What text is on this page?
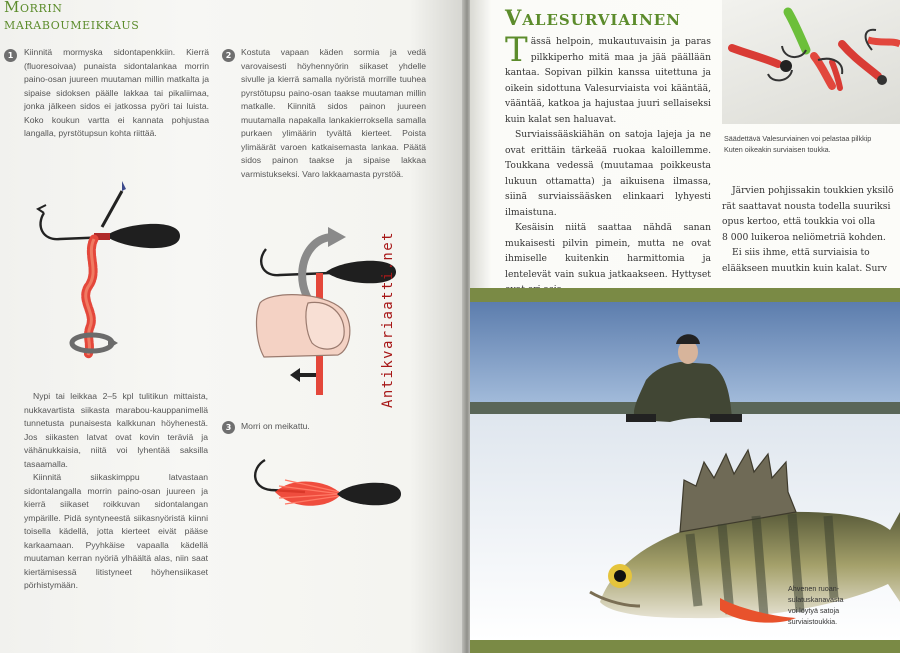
Morrin
maraboumeikkaus
1	Kiinnitä mormyska sidontapenkkiin. Kierrä (fluoresoivaa) punaista sidontalankaa morrin paino-osan juureen muutaman millin matkalta ja sipaise sidoksen päälle lakkaa tai pikaliimaa, jonka jälkeen sidos ei jatkossa pyöri tai luista. Koko koukun vartta ei kannata pohjustaa langalla, pyrstötupsun kohta riittää.

2	Kostuta vapaan käden sormia ja vedä varovaisesti höyhennyörin siikaset yhdelle sivulle ja kierrä samalla nyöristä morrille tuuhea pyrstötupsu paino-osan taakse muutaman millin matkalle. Kiinnitä sidos painon juureen muutamalla napakalla lankakierroksella samalla purkaen ylimäärin tyvältä kierteet. Poista ylimäärät varoen katkaisemasta lankaa. Päätä sidos painon taakse ja sipaise lakkaa varmistukseksi. Varo lakkaamasta pyrstöä.

3	Morri on meikattu.

Nypi tai leikkaa 2–5 kpl tulitikun mittaista, nukkavartista siikasta marabou-kauppanimellä tunnetusta punaisesta kalkkunan höyhenestä. Jos siikasten latvat ovat kovin teräviä ja vähänukkaisia, niitä voi lyhentää saksilla tasaamalla.

Kiinnitä siikaskimppu latvastaan sidontalangalla morrin paino-osan juureen ja kierrä siikaset roikkuvan sidontalangan ympärille. Pidä syntyneestä siikasnyöristä kiinni toisella kädellä, jotta kierteet eivät pääse karkaamaan. Pyyhkäise vapaalla kädellä muutaman kerran nyöriä ylhäältä alas, niin saat kiertämisessä litistyneet höyhensiikaset pörhistymään.

Antikvariaatti.net
Valesurviainen

Tässä helpoin, mukautuvaisin ja paras pilkkiperho mitä maa ja jää päällään kantaa. Sopivan pilkin kanssa uitettuna ja oikein sidottuna Valesurviaista voi kääntää, vääntää, katkoa ja hajustaa juuri sellaiseksi kuin kalat sen haluavat.

Surviaissääskiähän on satoja lajeja ja ne ovat erittäin tärkeää ruokaa kaloillemme. Toukkana vedessä (muutamaa poikkeusta lukuun ottamatta) ja aikuisena ilmassa, siinä surviaissääsken elinkaari lyhyesti ilmaistuna.

Kesäisin niitä saattaa nähdä sanan mukaisesti pilvin pimein, mutta ne ovat ihmiselle kuitenkin harmittomia ja lentelevät vain sukua jatkaakseen. Hyttyset

Säädettävä Valesurviainen voi pelastaa pilkkip
Kuten oikeakin surviaisen toukka.

Järvien pohjissakin toukkien yksilö
rät saattavat nousta todella suuriksi
opus kertoo, että toukkia voi olla
8 000 luikeroa neliömetriä kohden.

Ei siis ihme, että surviaisia to
elääkseen muutkin kuin kalat. Surv

Ahvenen ruoan-
sulatuskanavasta
voi löytyä satoja
surviaistoukkia.
